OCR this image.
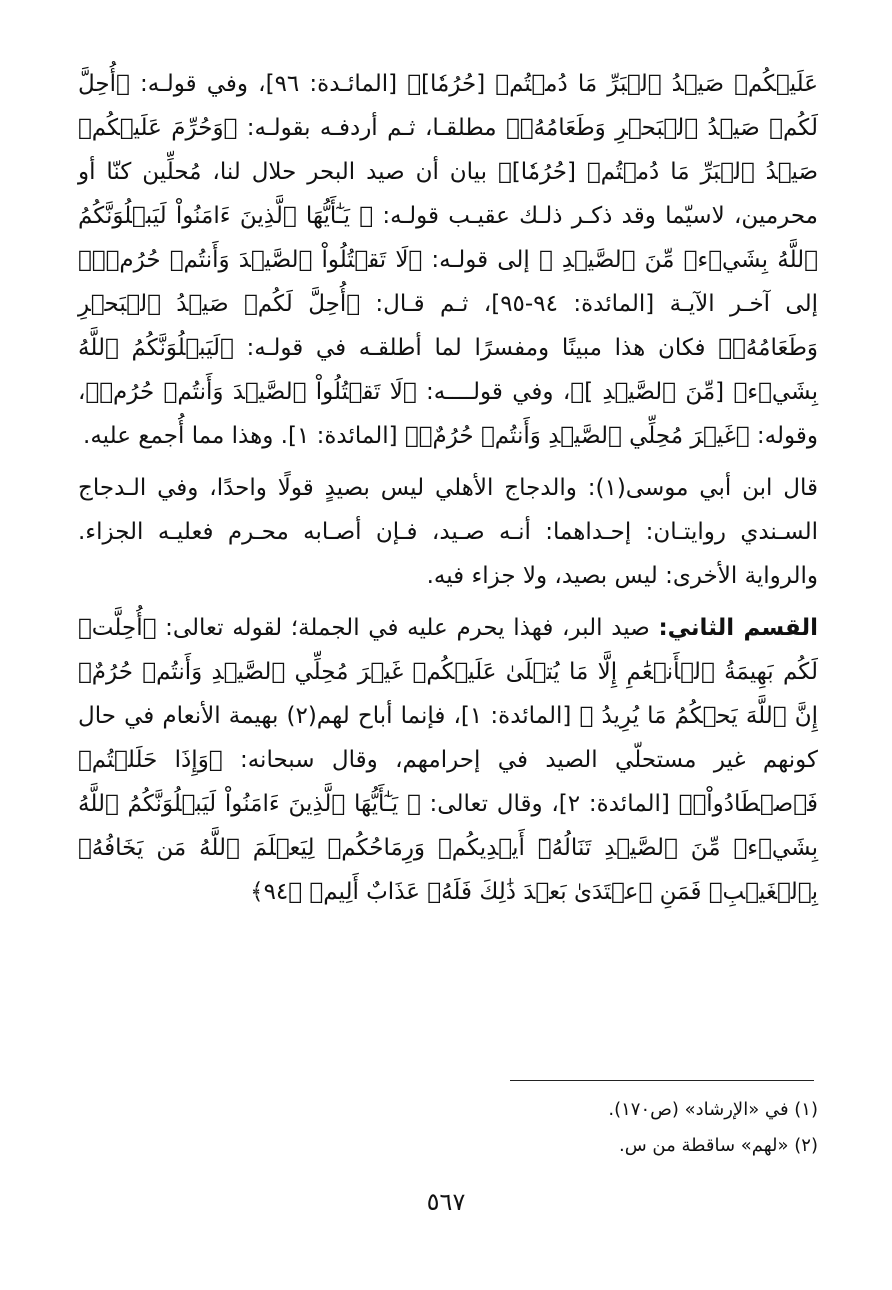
عَلَيۡكُمۡ صَيۡدُ ٱلۡبَرِّ مَا دُمۡتُمۡ [حُرُمٗا]﴾ [المائـدة: ٩٦]، وفي قولـه: ﴿أُحِلَّ لَكُمۡ صَيۡدُ ٱلۡبَحۡرِ وَطَعَامُهُۥ﴾ مطلقـا، ثـم أردفـه بقولـه: ﴿وَحُرِّمَ عَلَيۡكُمۡ صَيۡدُ ٱلۡبَرِّ مَا دُمۡتُمۡ [حُرُمٗا]﴾ بيان أن صيد البحر حلال لنا، مُحلِّين كنّا أو محرمين، لاسيّما وقد ذكـر ذلـك عقيـب قولـه: ﴿ يَـٰٓأَيُّهَا ٱلَّذِينَ ءَامَنُواْ لَيَبۡلُوَنَّكُمُ ٱللَّهُ بِشَيۡءٖ مِّنَ ٱلصَّيۡدِ ﴾ إلى قولـه: ﴿لَا تَقۡتُلُواْ ٱلصَّيۡدَ وَأَنتُمۡ حُرُمٞۚ﴾ إلى آخـر الآيـة [المائدة: ٩٤-٩٥]، ثـم قـال: ﴿أُحِلَّ لَكُمۡ صَيۡدُ ٱلۡبَحۡرِ وَطَعَامُهُۥ﴾ فكان هذا مبينًا ومفسرًا لما أطلقـه في قولـه: ﴿لَيَبۡلُوَنَّكُمُ ٱللَّهُ بِشَيۡءٖ [مِّنَ ٱلصَّيۡدِ ]﴾، وفي قولــــه: ﴿لَا تَقۡتُلُواْ ٱلصَّيۡدَ وَأَنتُمۡ حُرُمٞ﴾، وقوله: ﴿غَيۡرَ مُحِلِّي ٱلصَّيۡدِ وَأَنتُمۡ حُرُمٌۗ﴾ [المائدة: ١]. وهذا مما أُجمع عليه.

قال ابن أبي موسى(١): والدجاج الأهلي ليس بصيدٍ قولًا واحدًا، وفي الـدجاج السـندي روايتـان: إحـداهما: أنـه صـيد، فـإن أصـابه محـرم فعليـه الجزاء. والرواية الأخرى: ليس بصيد، ولا جزاء فيه.

القسم الثاني: صيد البر، فهذا يحرم عليه في الجملة؛ لقوله تعالى: ﴿أُحِلَّتۡ لَكُم بَهِيمَةُ ٱلۡأَنۡعَٰمِ إِلَّا مَا يُتۡلَىٰ عَلَيۡكُمۡ غَيۡرَ مُحِلِّي ٱلصَّيۡدِ وَأَنتُمۡ حُرُمٌۗ إِنَّ ٱللَّهَ يَحۡكُمُ مَا يُرِيدُ ﴾ [المائدة: ١]، فإنما أباح لهم(٢) بهيمة الأنعام في حال كونهم غير مستحلّي الصيد في إحرامهم، وقال سبحانه: ﴿وَإِذَا حَلَلۡتُمۡ فَٱصۡطَادُواْۚ﴾ [المائدة: ٢]، وقال تعالى: ﴿ يَـٰٓأَيُّهَا ٱلَّذِينَ ءَامَنُواْ لَيَبۡلُوَنَّكُمُ ٱللَّهُ بِشَيۡءٖ مِّنَ ٱلصَّيۡدِ تَنَالُهُۥٓ أَيۡدِيكُمۡ وَرِمَاحُكُمۡ لِيَعۡلَمَ ٱللَّهُ مَن يَخَافُهُۥ بِٱلۡغَيۡبِۚ فَمَنِ ٱعۡتَدَىٰ بَعۡدَ ذَٰلِكَ فَلَهُۥ عَذَابٌ أَلِيمٞ ﴿٩٤﴾

(١) في «الإرشاد» (ص١٧٠).

(٢) «لهم» ساقطة من س.

٥٦٧
